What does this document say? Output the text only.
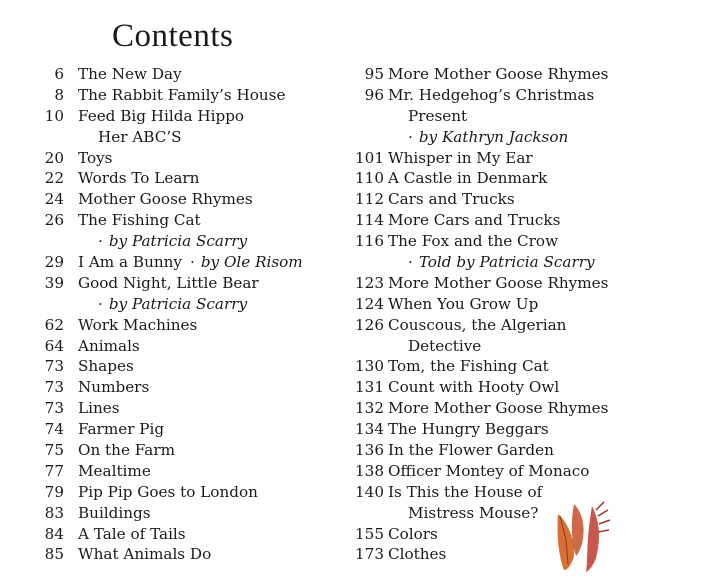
Contents
6 The New Day
8 The Rabbit Family’s House
10 Feed Big Hilda Hippo
Her ABC’S
20 Toys
22 Words To Learn
24 Mother Goose Rhymes
26 The Fishing Cat
· by Patricia Scarry
29 I Am a Bunny · by Ole Risom
39 Good Night, Little Bear
· by Patricia Scarry
62 Work Machines
64 Animals
73 Shapes
73 Numbers
73 Lines
74 Farmer Pig
75 On the Farm
77 Mealtime
79 Pip Pip Goes to London
83 Buildings
84 A Tale of Tails
85 What Animals Do
95 More Mother Goose Rhymes
96 Mr. Hedgehog’s Christmas
Present
· by Kathryn Jackson
101 Whisper in My Ear
110 A Castle in Denmark
112 Cars and Trucks
114 More Cars and Trucks
116 The Fox and the Crow
· Told by Patricia Scarry
123 More Mother Goose Rhymes
124 When You Grow Up
126 Couscous, the Algerian
Detective
130 Tom, the Fishing Cat
131 Count with Hooty Owl
132 More Mother Goose Rhymes
134 The Hungry Beggars
136 In the Flower Garden
138 Officer Montey of Monaco
140 Is This the House of
Mistress Mouse?
155 Colors
173 Clothes
